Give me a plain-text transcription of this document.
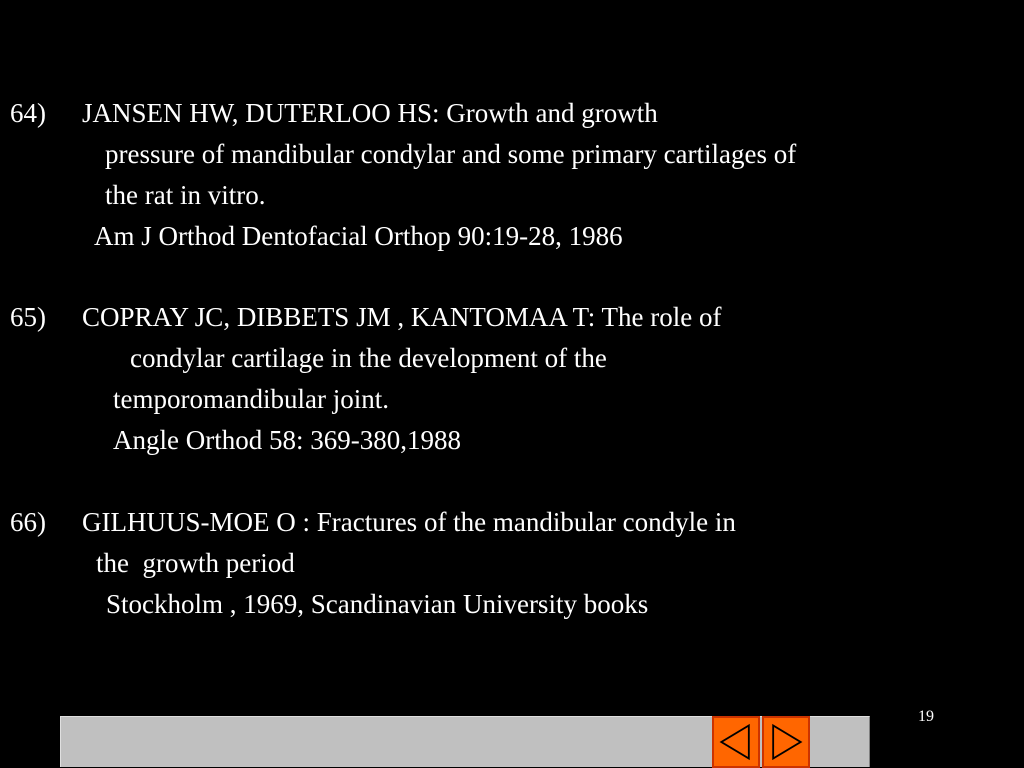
64) JANSEN HW, DUTERLOO HS: Growth and growth
pressure of mandibular condylar and some primary cartilages of
the rat in vitro.
Am J Orthod Dentofacial Orthop 90:19-28, 1986
65) COPRAY JC, DIBBETS JM , KANTOMAA T: The role of
condylar cartilage in the development of the
temporomandibular joint.
Angle Orthod 58: 369-380,1988
66) GILHUUS-MOE O : Fractures of the mandibular condyle in
the  growth period
Stockholm , 1969, Scandinavian University books
19
